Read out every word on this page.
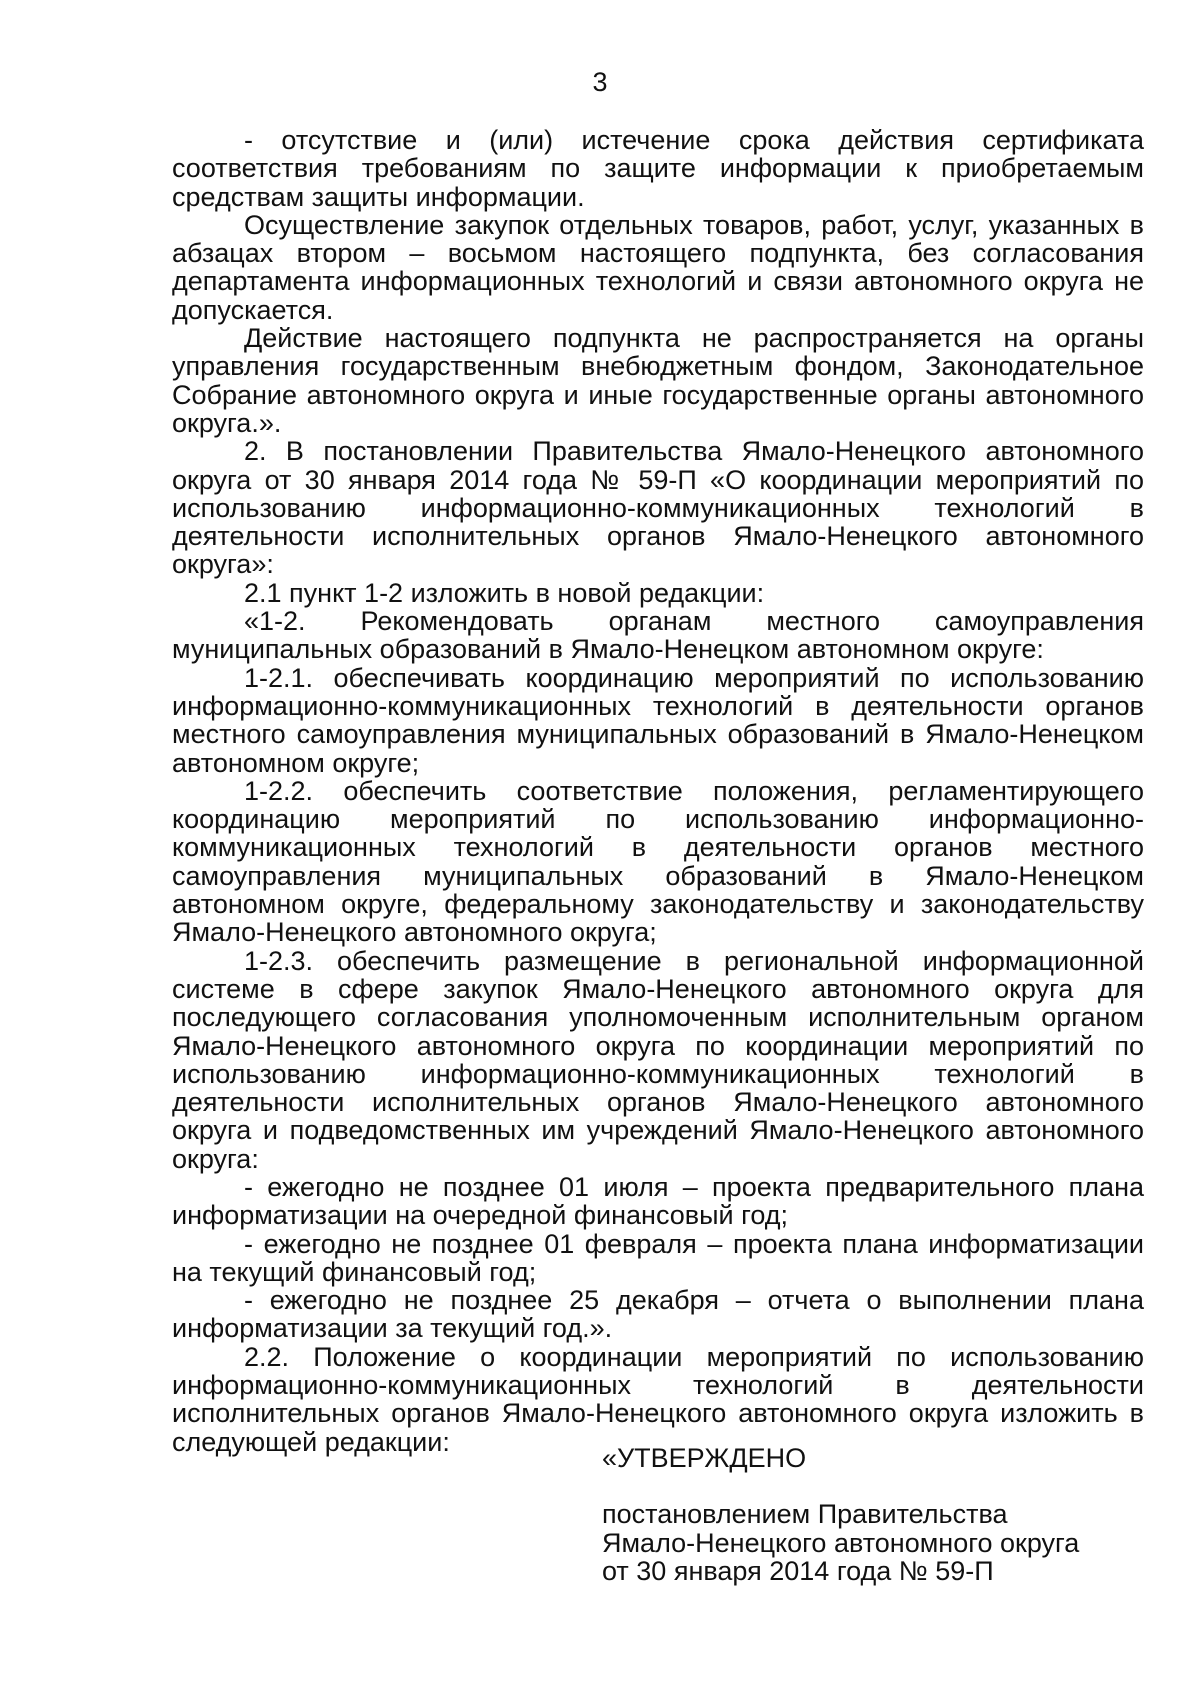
3

- отсутствие и (или) истечение срока действия сертификата соответствия требованиям по защите информации к приобретаемым средствам защиты информации.

Осуществление закупок отдельных товаров, работ, услуг, указанных в абзацах втором – восьмом настоящего подпункта, без согласования департамента информационных технологий и связи автономного округа не допускается.

Действие настоящего подпункта не распространяется на органы управления государственным внебюджетным фондом, Законодательное Собрание автономного округа и иные государственные органы автономного округа.».

2. В постановлении Правительства Ямало-Ненецкого автономного округа от 30 января 2014 года № 59-П «О координации мероприятий по использованию информационно-коммуникационных технологий в деятельности исполнительных органов Ямало-Ненецкого автономного округа»:

2.1 пункт 1-2 изложить в новой редакции:

«1-2. Рекомендовать органам местного самоуправления муниципальных образований в Ямало-Ненецком автономном округе:

1-2.1. обеспечивать координацию мероприятий по использованию информационно-коммуникационных технологий в деятельности органов местного самоуправления муниципальных образований в Ямало-Ненецком автономном округе;

1-2.2. обеспечить соответствие положения, регламентирующего координацию мероприятий по использованию информационно-коммуникационных технологий в деятельности органов местного самоуправления муниципальных образований в Ямало-Ненецком автономном округе, федеральному законодательству и законодательству Ямало-Ненецкого автономного округа;

1-2.3. обеспечить размещение в региональной информационной системе в сфере закупок Ямало-Ненецкого автономного округа для последующего согласования уполномоченным исполнительным органом Ямало-Ненецкого автономного округа по координации мероприятий по использованию информационно-коммуникационных технологий в деятельности исполнительных органов Ямало-Ненецкого автономного округа и подведомственных им учреждений Ямало-Ненецкого автономного округа:

- ежегодно не позднее 01 июля – проекта предварительного плана информатизации на очередной финансовый год;

- ежегодно не позднее 01 февраля – проекта плана информатизации на текущий финансовый год;

- ежегодно не позднее 25 декабря – отчета о выполнении плана информатизации за текущий год.».

2.2. Положение о координации мероприятий по использованию информационно-коммуникационных технологий в деятельности исполнительных органов Ямало-Ненецкого автономного округа изложить в следующей редакции:

«УТВЕРЖДЕНО

постановлением Правительства

Ямало-Ненецкого автономного округа

от 30 января 2014 года № 59-П
